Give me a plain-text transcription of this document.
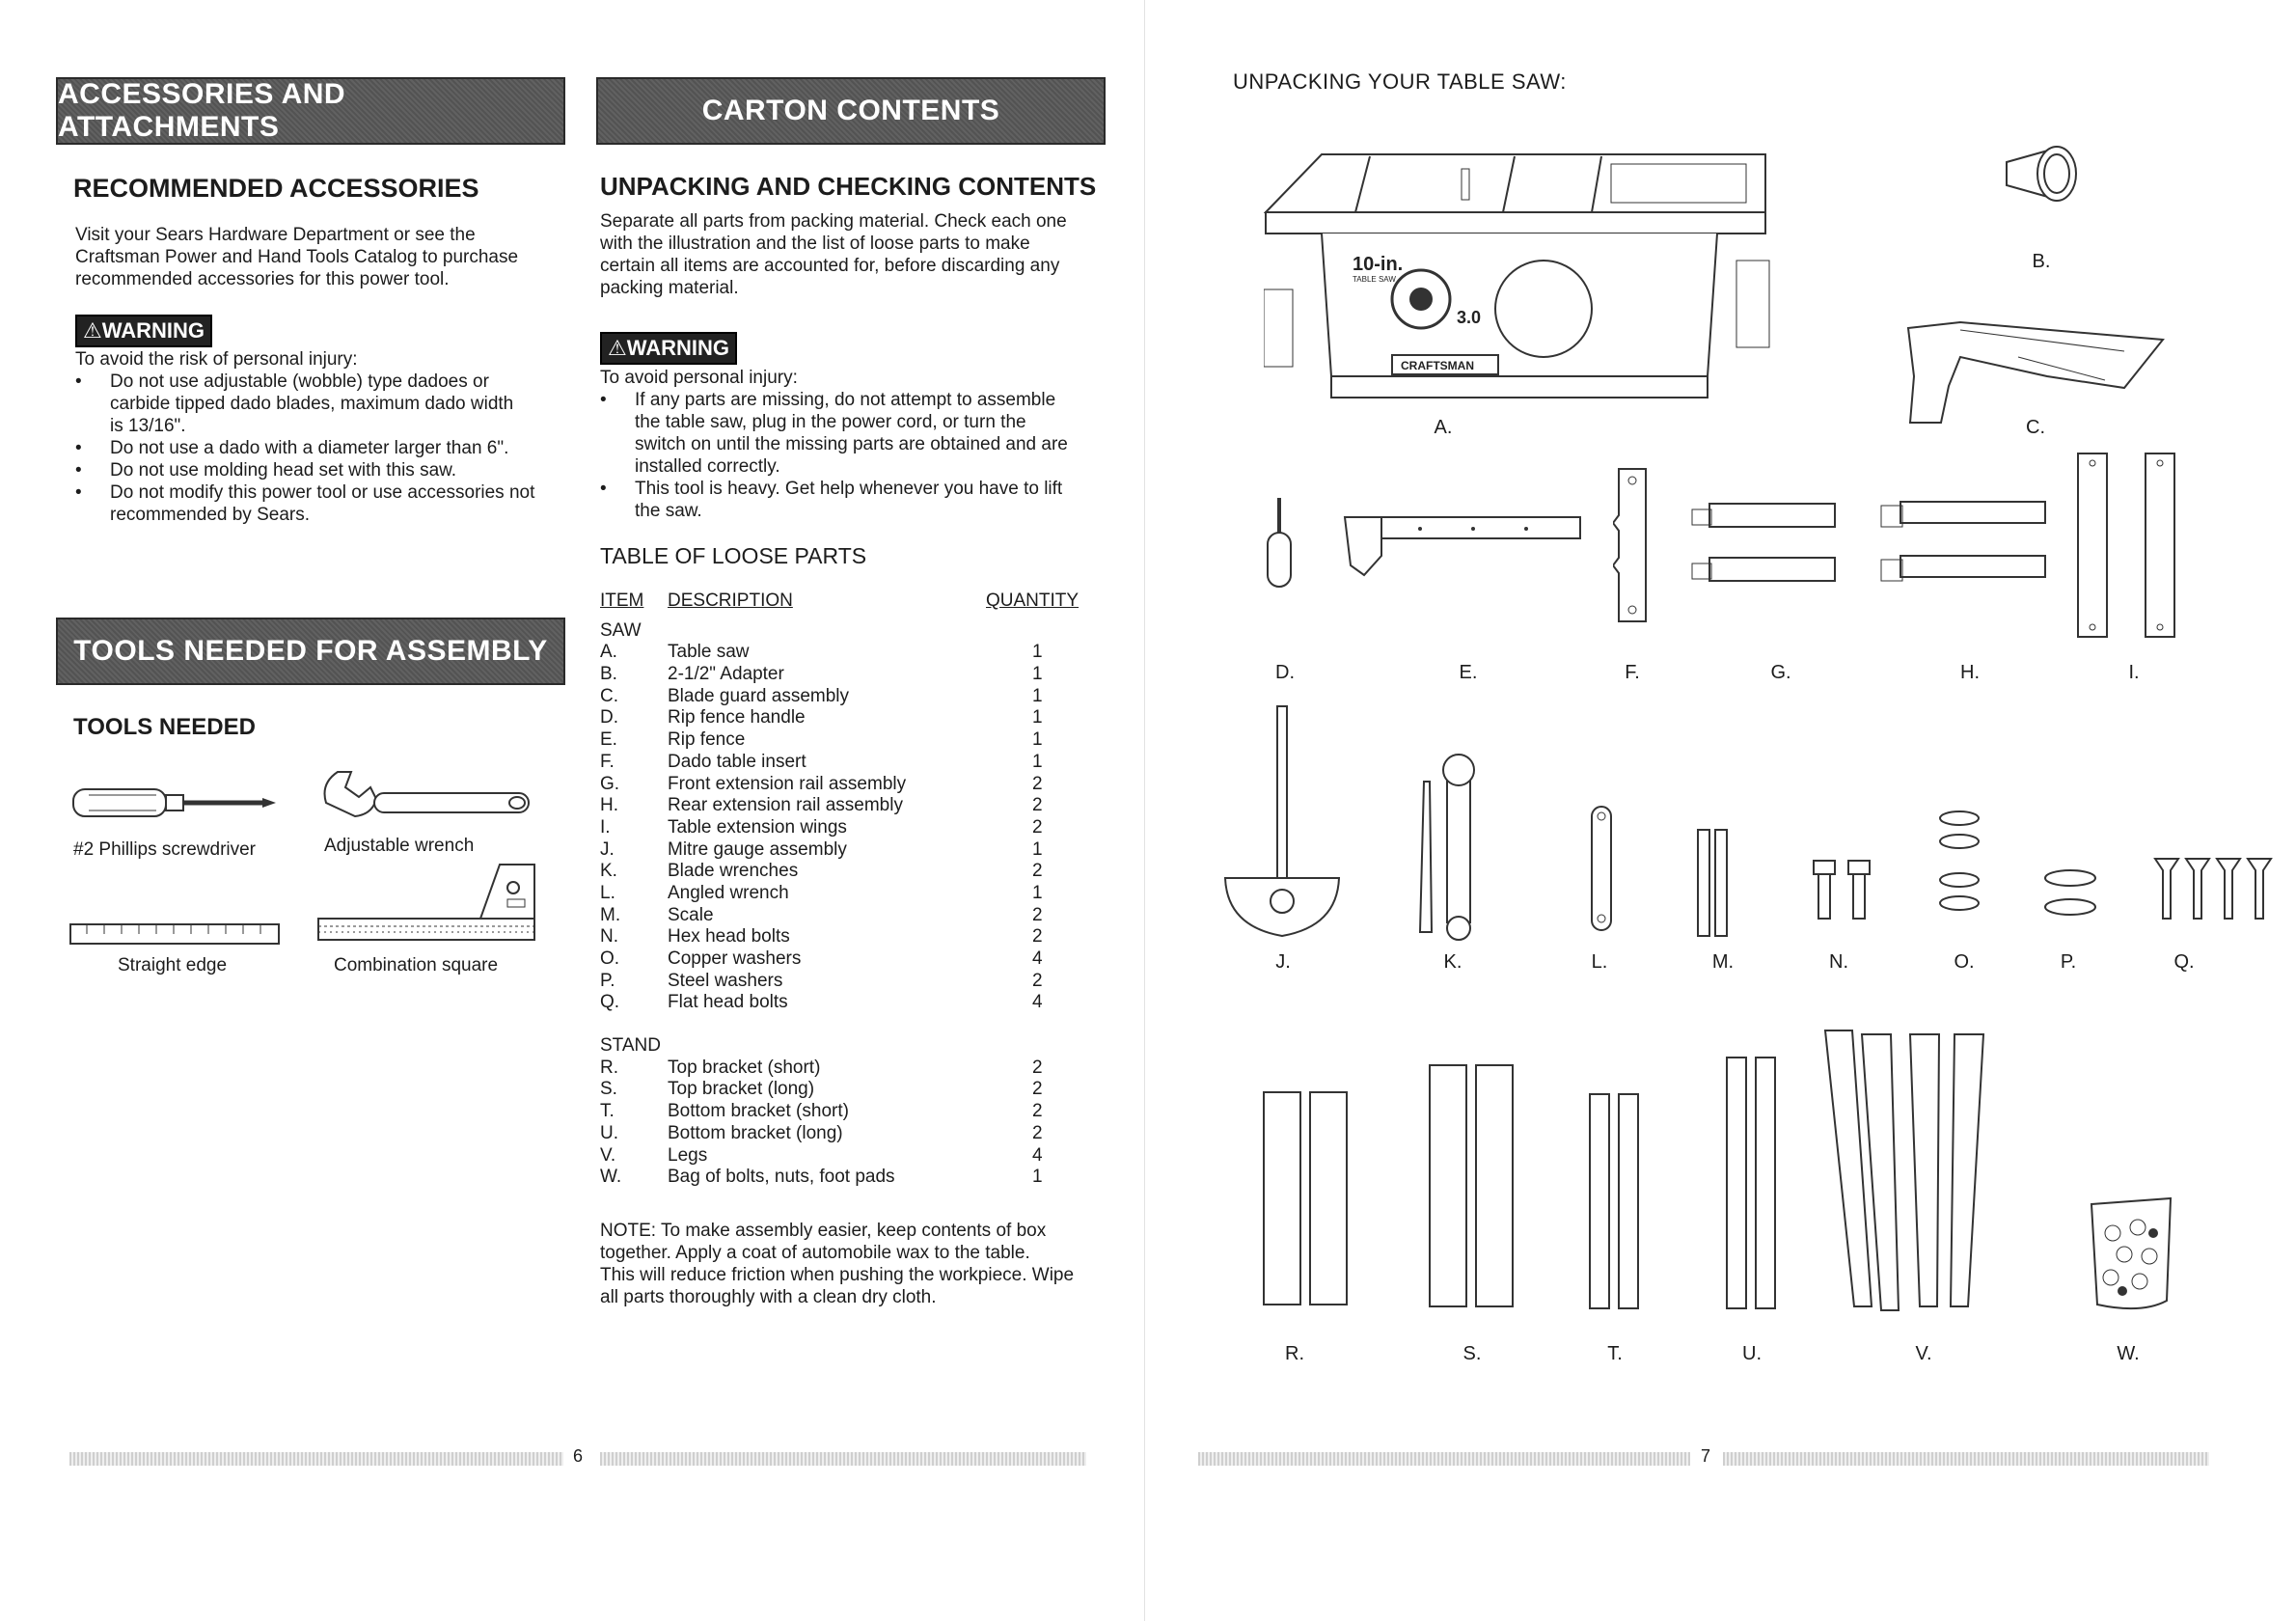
ACCESSORIES AND ATTACHMENTS
RECOMMENDED ACCESSORIES
Visit your Sears Hardware Department or see the
Craftsman Power and Hand Tools Catalog to purchase
recommended accessories for this power tool.
⚠WARNING
To avoid the risk of personal injury:
• Do not use adjustable (wobble) type dadoes or
carbide tipped dado blades, maximum dado width
is 13/16".
• Do not use a dado with a diameter larger than 6".
• Do not use molding head set with this saw.
• Do not modify this power tool or use accessories not
recommended by Sears.
TOOLS NEEDED FOR ASSEMBLY
TOOLS NEEDED
#2 Phillips screwdriver	Adjustable wrench
Straight edge	Combination square
6
CARTON CONTENTS
UNPACKING AND CHECKING CONTENTS
Separate all parts from packing material. Check each one
with the illustration and the list of loose parts to make
certain all items are accounted for, before discarding any
packing material.
⚠WARNING
To avoid personal injury:
• If any parts are missing, do not attempt to assemble
the table saw, plug in the power cord, or turn the
switch on until the missing parts are obtained and are
installed correctly.
• This tool is heavy. Get help whenever you have to lift
the saw.
TABLE OF LOOSE PARTS
ITEM DESCRIPTION	QUANTITY
SAW
A.	Table saw	1
B.	2-1/2" Adapter	1
C.	Blade guard assembly	1
D.	Rip fence handle	1
E.	Rip fence	1
F.	Dado table insert	1
G.	Front extension rail assembly	2
H.	Rear extension rail assembly	2
I.	Table extension wings	2
J.	Mitre gauge assembly	1
K.	Blade wrenches	2
L.	Angled wrench	1
M.	Scale	2
N.	Hex head bolts	2
O.	Copper washers	4
P.	Steel washers	2
Q.	Flat head bolts	4
STAND
R.	Top bracket (short)	2
S.	Top bracket (long)	2
T.	Bottom bracket (short)	2
U.	Bottom bracket (long)	2
V.	Legs	4
W.	Bag of bolts, nuts, foot pads	1
NOTE: To make assembly easier, keep contents of box
together. Apply a coat of automobile wax to the table.
This will reduce friction when pushing the workpiece. Wipe
all parts thoroughly with a clean dry cloth.
UNPACKING YOUR TABLE SAW:
10-in.
TABLE SAW
3.0
CRAFTSMAN
A.
B.
C.
D.	E.	F.	G.	H.	I.
J.	K.	L.	M.	N.	O.	P.	Q.
R.	S.	T.	U.	V.	W.
7
